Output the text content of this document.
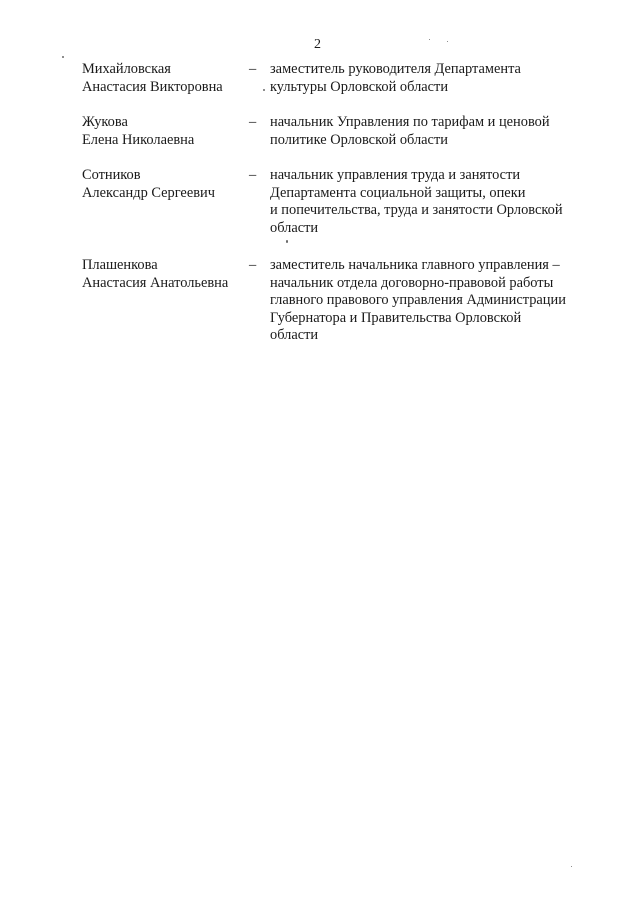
2
Михайловская
Анастасия Викторовна
– заместитель руководителя Департамента
культуры Орловской области
Жукова
Елена Николаевна
– начальник Управления по тарифам и ценовой
политике Орловской области
Сотников
Александр Сергеевич
– начальник управления труда и занятости
Департамента социальной защиты, опеки
и попечительства, труда и занятости Орловской
области
Плашенкова
Анастасия Анатольевна
– заместитель начальника главного управления –
начальник отдела договорно-правовой работы
главного правового управления Администрации
Губернатора и Правительства Орловской
области
